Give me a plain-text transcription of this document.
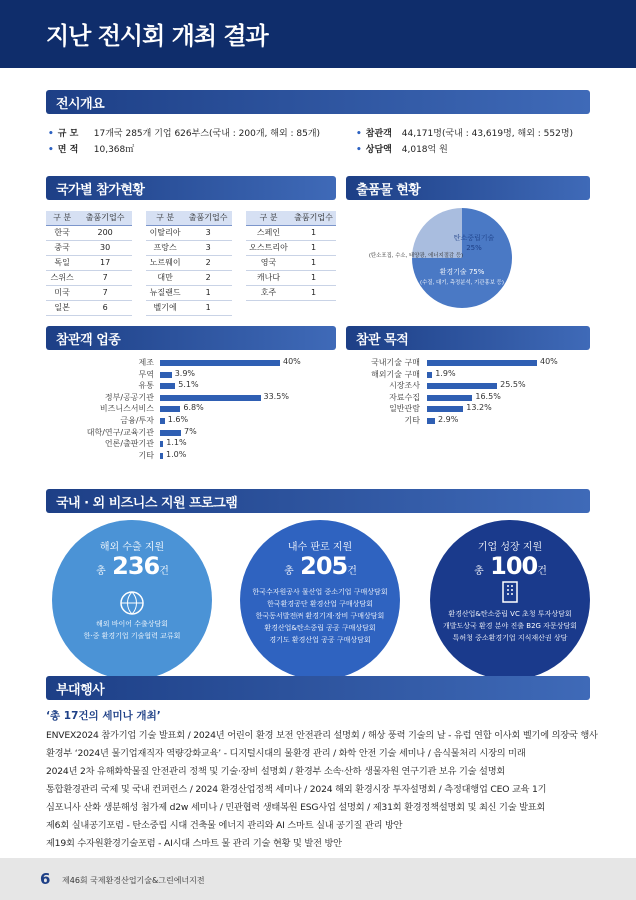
지난 전시회 개최 결과
전시개요
• 규 모 17개국 285개 기업 626부스(국내 : 200개, 해외 : 85개)
• 면 적 10,368㎡
• 참관객 44,171명(국내 : 43,619명, 해외 : 552명)
• 상담액 4,018억 원
국가별 참가현황
구 분	출품기업수
한국	200
중국	30
독일	17
스위스	7
미국	7
일본	6
구 분	출품기업수
이탈리아	3
프랑스	3
노르웨이	2
대만	2
뉴질랜드	1
벨기에	1
구 분	출품기업수
스페인	1
오스트리아	1
영국	1
캐나다	1
호주	1
출품물 현황
탄소중립기술
25%
(탄소포집, 수소, 태양광, 에너지절감 등)
환경기술 75%
(수질, 대기, 측정분석, 기관홍보 등)
참관객 업종
제조	40%
무역	3.9%
유통	5.1%
정부/공공기관	33.5%
비즈니스서비스	6.8%
금융/투자 1.6%
대학/연구/교육기관	7%
언론/출판기관 1.1%
기타 1.0%
참관 목적
국내기술 구매	40%
해외기술 구매 1.9%
시장조사	25.5%
자료수집	16.5%
일반관람	13.2%
기타 2.9%
국내 · 외 비즈니스 지원 프로그램
해외 수출 지원
총 236건
해외 바이어 수출상담회
한·중 환경기업 기술협력 교류회
내수 판로 지원
총 205건
한국수자원공사 물산업 중소기업 구매상담회
한국환경공단 환경산업 구매상담회
한국동서발전㈜ 환경기계·장비 구매상담회
환경산업&탄소중립 공공 구매상담회
경기도 환경산업 공공 구매상담회
기업 성장 지원
총 100건
환경산업&탄소중립 VC 초청 투자상담회
개발도상국 환경 분야 진출 B2G 자문상담회
특허청 중소환경기업 지식재산권 상담
부대행사
‘총 17건의 세미나 개최’
ENVEX2024 참가기업 기술 발표회 / 2024년 어린이 환경 보전 안전관리 설명회 / 해상 풍력 기술의 날 - 유럽 연합 이사회 벨기에 의장국 행사
환경부 ‘2024년 물기업재직자 역량강화교육’ - 디지털시대의 물환경 관리 / 화학 안전 기술 세미나 / 음식물처리 시장의 미래
2024년 2차 유해화학물질 안전관리 정책 및 기술·장비 설명회 / 환경부 소속·산하 생물자원 연구기관 보유 기술 설명회
통합환경관리 국제 및 국내 컨퍼런스 / 2024 환경산업정책 세미나 / 2024 해외 환경시장 투자설명회 / 측정대행업 CEO 교육 1기
심포니사 산화 생분해성 첨가제 d2w 세미나 / 민관협력 생태복원 ESG사업 설명회 / 제31회 환경정책설명회 및 최신 기술 발표회
제6회 실내공기포럼 - 탄소중립 시대 건축물 에너지 관리와 AI 스마트 실내 공기질 관리 방안
제19회 수자원환경기술포럼 - AI시대 스마트 물 관리 기술 현황 및 발전 방안
6 제46회 국제환경산업기술&그린에너지전
